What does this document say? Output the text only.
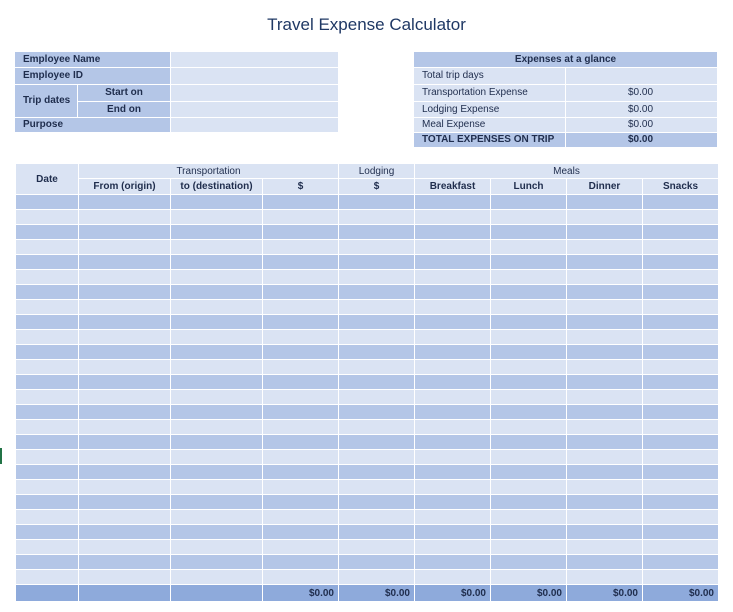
Travel Expense Calculator
Employee Name
Employee ID
Trip dates
Start on
End on
Purpose
Expenses at a glance
Total trip days
Transportation Expense	$0.00
Lodging Expense	$0.00
Meal Expense	$0.00
TOTAL EXPENSES ON TRIP	$0.00
Date	Transportation			Lodging	Meals			
	From (origin)	to (destination)	$	$	Breakfast	Lunch	Dinner	Snacks

			$0.00	$0.00	$0.00	$0.00	$0.00	$0.00
